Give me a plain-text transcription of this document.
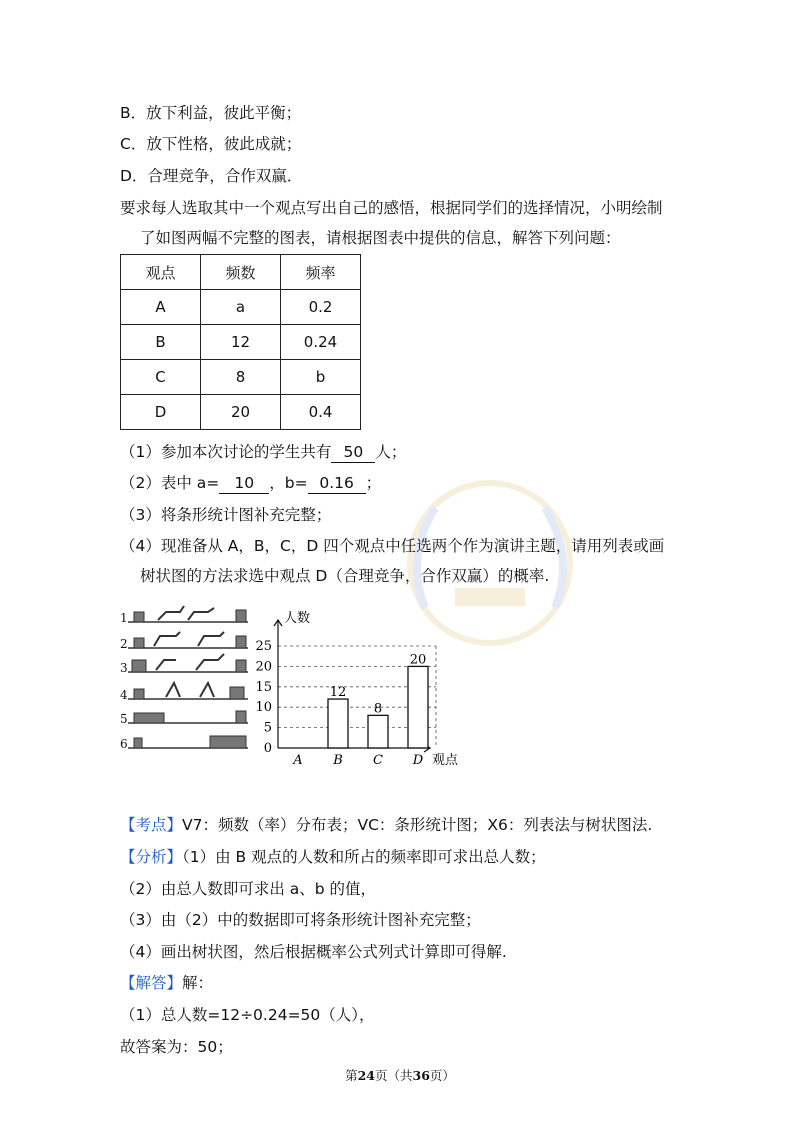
B．放下利益，彼此平衡；
C．放下性格，彼此成就；
D．合理竞争，合作双赢．
要求每人选取其中一个观点写出自己的感悟，根据同学们的选择情况，小明绘制
了如图两幅不完整的图表，请根据图表中提供的信息，解答下列问题：
观点	频数	频率
A	a	0.2
B	12	0.24
C	8	b
D	20	0.4
（1）参加本次讨论的学生共有 50 人；
（2）表中 a= 10 ，b= 0.16 ；
（3）将条形统计图补充完整；
（4）现准备从 A，B，C，D 四个观点中任选两个作为演讲主题，请用列表或画
树状图的方法求选中观点 D（合理竞争，合作双赢）的概率.
1
2
3
4
5
6	0
5
10
15
20
25
人数
观点
A B
12
C
8
D
20
【考点】V7：频数（率）分布表；VC：条形统计图；X6：列表法与树状图法.
【分析】（1）由 B 观点的人数和所占的频率即可求出总人数；
（2）由总人数即可求出 a、b 的值，
（3）由（2）中的数据即可将条形统计图补充完整；
（4）画出树状图，然后根据概率公式列式计算即可得解.
【解答】解：
（1）总人数=12÷0.24=50（人），
故答案为：50；
第24页（共36页）
